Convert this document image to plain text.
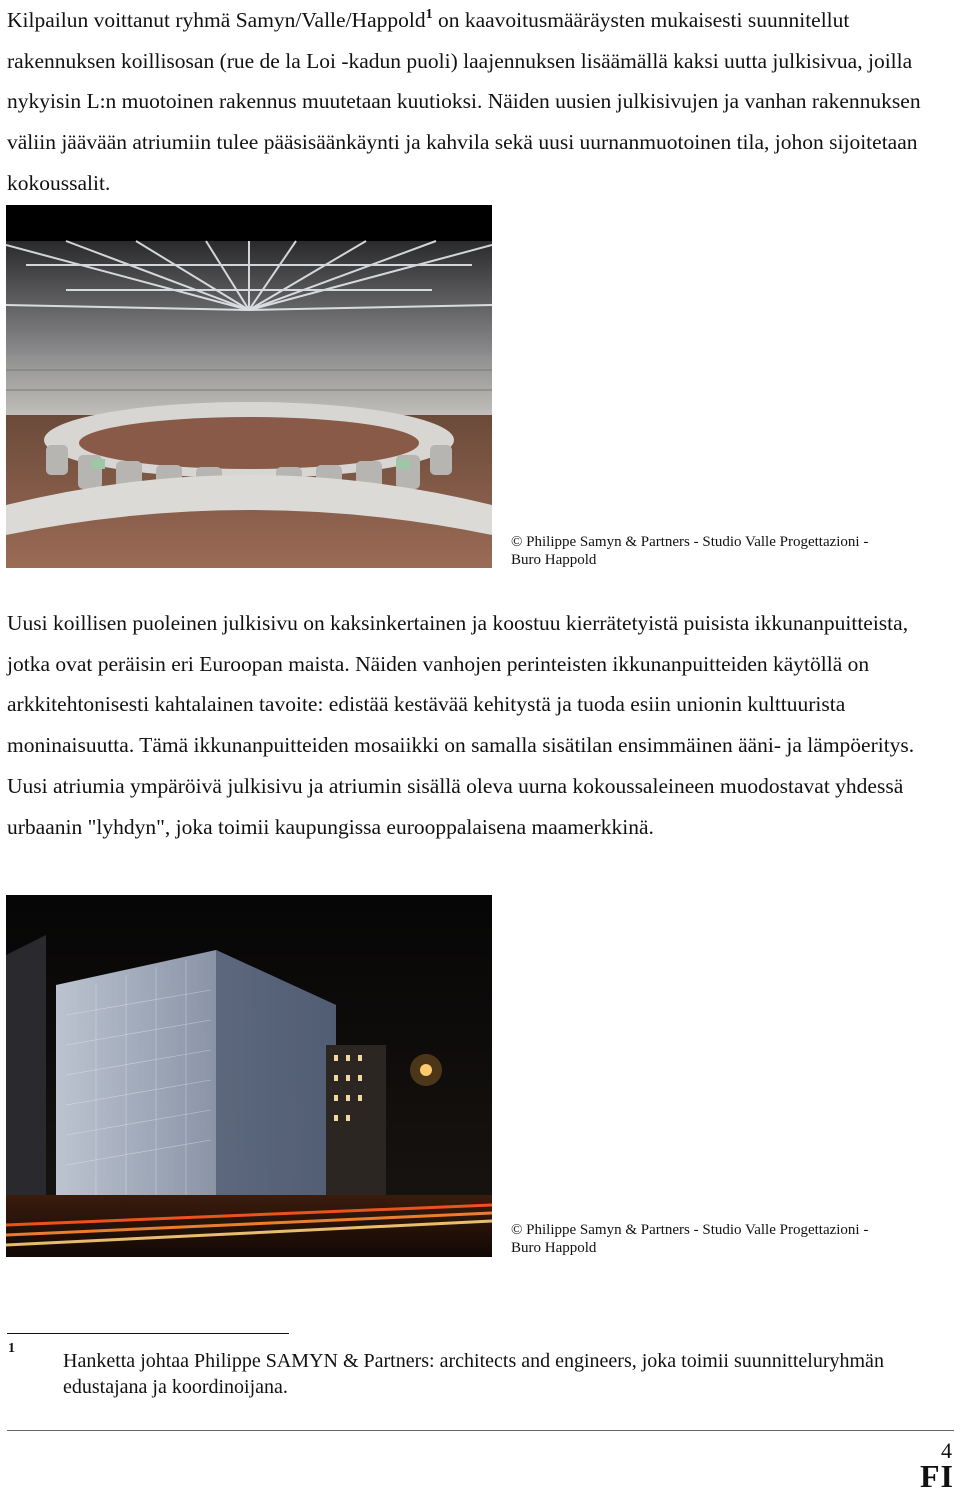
Kilpailun voittanut ryhmä Samyn/Valle/Happold$^1$ on kaavoitusmääräysten mukaisesti suunnitellut rakennuksen koillisosan (rue de la Loi -kadun puoli) laajennuksen lisäämällä kaksi uutta julkisivua, joilla nykyisin L:n muotoinen rakennus muutetaan kuutioksi. Näiden uusien julkisivujen ja vanhan rakennuksen väliin jäävään atriumiin tulee pääsisäänkäynti ja kahvila sekä uusi uurnanmuotoinen tila, johon sijoitetaan kokoussalit.

© Philippe Samyn & Partners - Studio Valle Progettazioni -
Buro Happold

Uusi koillisen puoleinen julkisivu on kaksinkertainen ja koostuu kierrätetyistä puisista ikkunanpuitteista, jotka ovat peräisin eri Euroopan maista. Näiden vanhojen perinteisten ikkunanpuitteiden käytöllä on arkkitehtonisesti kahtalainen tavoite: edistää kestävää kehitystä ja tuoda esiin unionin kulttuurista moninaisuutta. Tämä ikkunanpuitteiden mosaiikki on samalla sisätilan ensimmäinen ääni- ja lämpöeritys. Uusi atriumia ympäröivä julkisivu ja atriumin sisällä oleva uurna kokoussaleineen muodostavat yhdessä urbaanin "lyhdyn", joka toimii kaupungissa eurooppalaisena maamerkkinä.

© Philippe Samyn & Partners - Studio Valle Progettazioni -
Buro Happold

1

Hanketta johtaa Philippe SAMYN & Partners: architects and engineers, joka toimii suunnitteluryhmän edustajana ja koordinoijana.

4
FI
